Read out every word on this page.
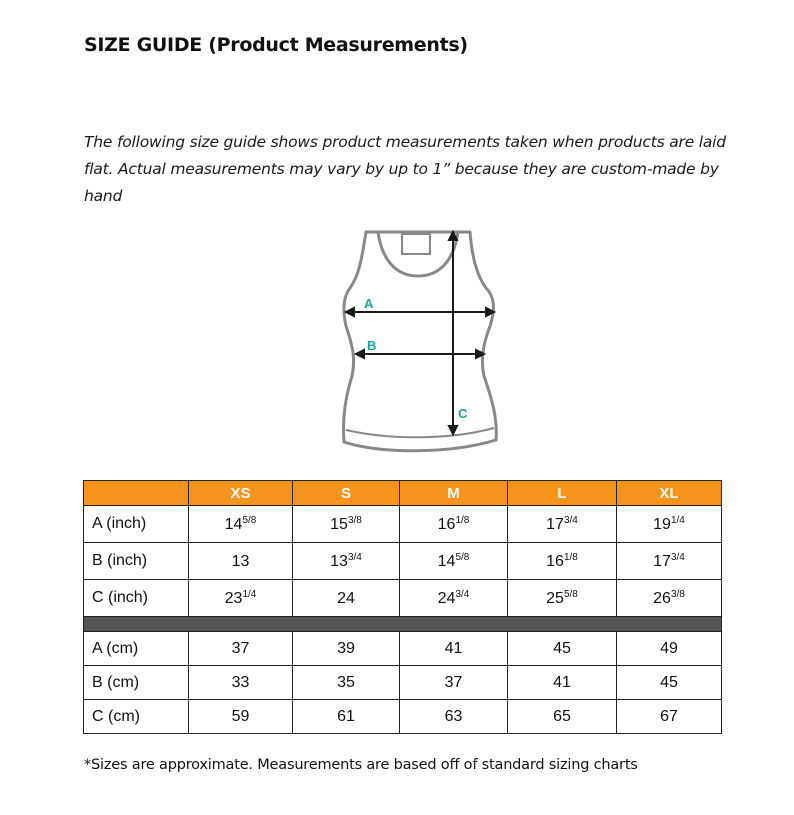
SIZE GUIDE (Product Measurements)
The following size guide shows product measurements taken when products are laid flat. Actual measurements may vary by up to 1” because they are custom-made by hand
A
B
C
	XS	S	M	L	XL
A (inch)	$14^{5/8}$	$15^{3/8}$	$16^{1/8}$	$17^{3/4}$	$19^{1/4}$
B (inch)	13	$13^{3/4}$	$14^{5/8}$	$16^{1/8}$	$17^{3/4}$
C (inch)	$23^{1/4}$	24	$24^{3/4}$	$25^{5/8}$	$26^{3/8}$

A (cm)	37	39	41	45	49
B (cm)	33	35	37	41	45
C (cm)	59	61	63	65	67
*Sizes are approximate. Measurements are based off of standard sizing charts
